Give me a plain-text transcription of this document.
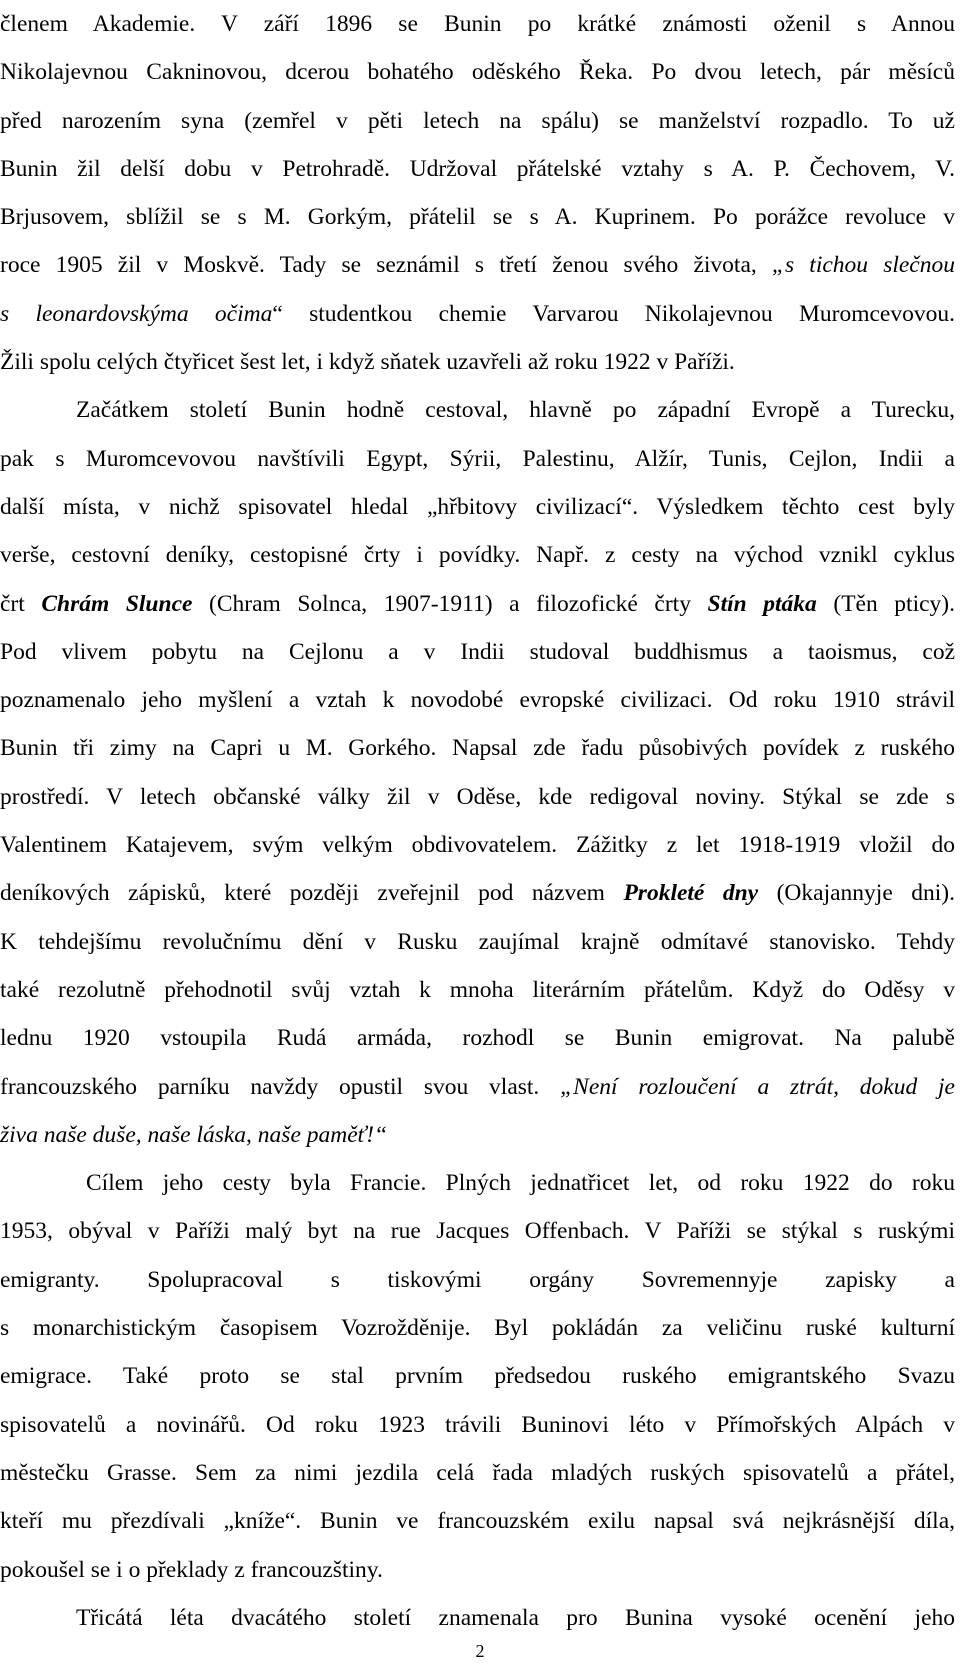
členem Akademie. V září 1896 se Bunin po krátké známosti oženil s Annou
Nikolajevnou Cakninovou, dcerou bohatého oděského Řeka. Po dvou letech, pár měsíců
před narozením syna (zemřel v pěti letech na spálu) se manželství rozpadlo. To už
Bunin žil delší dobu v Petrohradě. Udržoval přátelské vztahy s A. P. Čechovem, V.
Brjusovem, sblížil se s M. Gorkým, přátelil se s A. Kuprinem. Po porážce revoluce v
roce 1905 žil v Moskvě. Tady se seznámil s třetí ženou svého života, „s tichou slečnou
s leonardovskýma očima“ studentkou chemie Varvarou Nikolajevnou Muromcevovou.
Žili spolu celých čtyřicet šest let, i když sňatek uzavřeli až roku 1922 v Paříži.
Začátkem století Bunin hodně cestoval, hlavně po západní Evropě a Turecku,
pak s Muromcevovou navštívili Egypt, Sýrii, Palestinu, Alžír, Tunis, Cejlon, Indii a
další místa, v nichž spisovatel hledal „hřbitovy civilizací“. Výsledkem těchto cest byly
verše, cestovní deníky, cestopisné črty i povídky. Např. z cesty na východ vznikl cyklus
črt Chrám Slunce (Chram Solnca, 1907-1911) a filozofické črty Stín ptáka (Těn pticy).
Pod vlivem pobytu na Cejlonu a v Indii studoval buddhismus a taoismus, což
poznamenalo jeho myšlení a vztah k novodobé evropské civilizaci. Od roku 1910 strávil
Bunin tři zimy na Capri u M. Gorkého. Napsal zde řadu působivých povídek z ruského
prostředí. V letech občanské války žil v Oděse, kde redigoval noviny. Stýkal se zde s
Valentinem Katajevem, svým velkým obdivovatelem. Zážitky z let 1918-1919 vložil do
deníkových zápisků, které později zveřejnil pod názvem Prokleté dny (Okajannyje dni).
K tehdejšímu revolučnímu dění v Rusku zaujímal krajně odmítavé stanovisko. Tehdy
také rezolutně přehodnotil svůj vztah k mnoha literárním přátelům. Když do Oděsy v
lednu 1920 vstoupila Rudá armáda, rozhodl se Bunin emigrovat. Na palubě
francouzského parníku navždy opustil svou vlast. „Není rozloučení a ztrát, dokud je
živa naše duše, naše láska, naše paměť!“
Cílem jeho cesty byla Francie. Plných jednatřicet let, od roku 1922 do roku
1953, obýval v Paříži malý byt na rue Jacques Offenbach. V Paříži se stýkal s ruskými
emigranty. Spolupracoval s tiskovými orgány Sovremennyje zapisky a
s monarchistickým časopisem Vozrožděnije. Byl pokládán za veličinu ruské kulturní
emigrace. Také proto se stal prvním předsedou ruského emigrantského Svazu
spisovatelů a novinářů. Od roku 1923 trávili Buninovi léto v Přímořských Alpách v
městečku Grasse. Sem za nimi jezdila celá řada mladých ruských spisovatelů a přátel,
kteří mu přezdívali „kníže“. Bunin ve francouzském exilu napsal svá nejkrásnější díla,
pokoušel se i o překlady z francouzštiny.
Třicátá léta dvacátého století znamenala pro Bunina vysoké ocenění jeho
2
